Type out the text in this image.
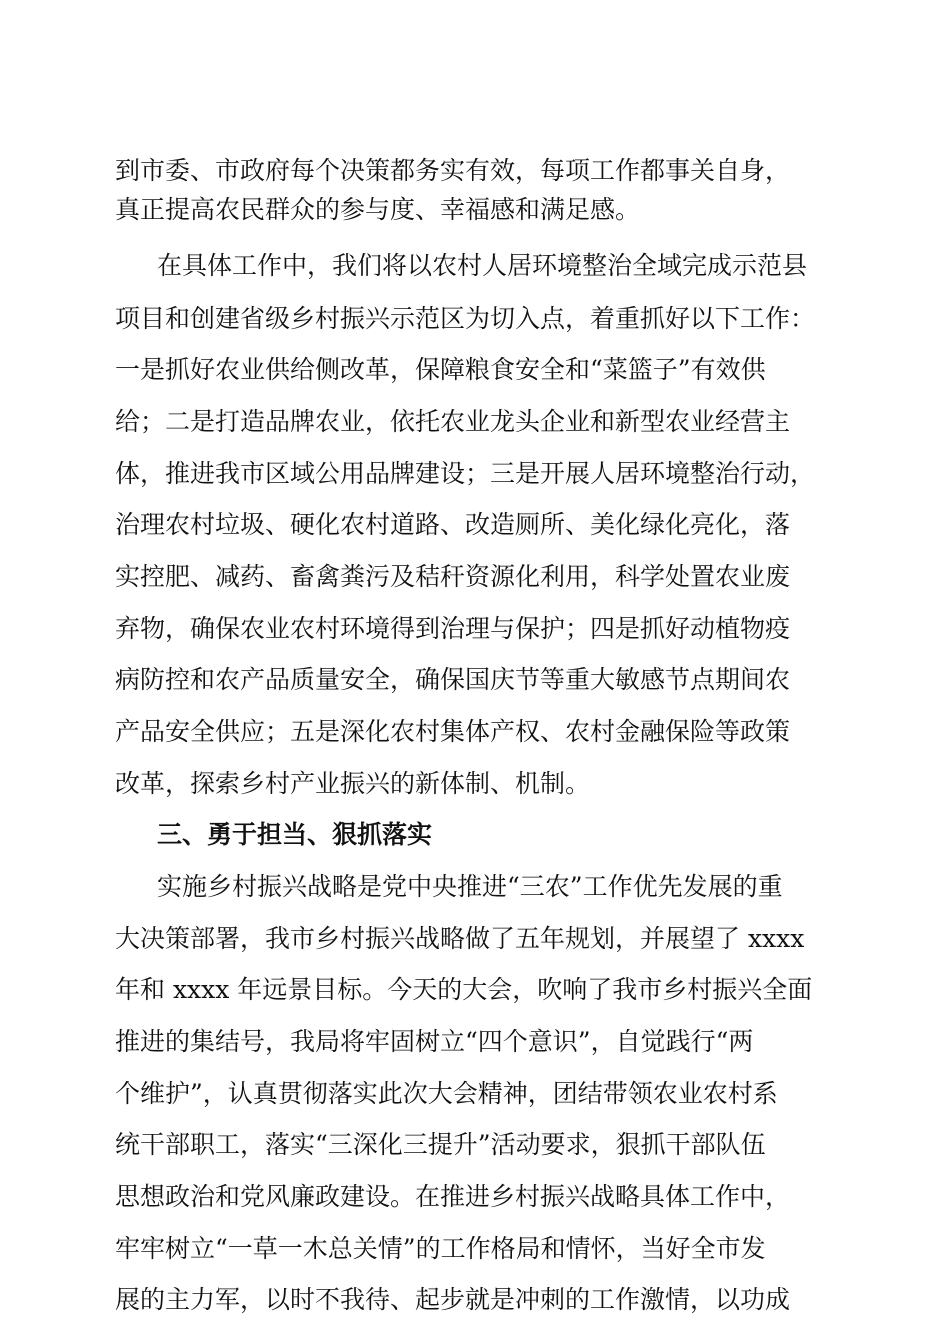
到市委、市政府每个决策都务实有效，每项工作都事关自身，
真正提高农民群众的参与度、幸福感和满足感。
在具体工作中，我们将以农村人居环境整治全域完成示范县
项目和创建省级乡村振兴示范区为切入点，着重抓好以下工作：
一是抓好农业供给侧改革，保障粮食安全和“菜篮子”有效供
给；二是打造品牌农业，依托农业龙头企业和新型农业经营主
体，推进我市区域公用品牌建设；三是开展人居环境整治行动，
治理农村垃圾、硬化农村道路、改造厕所、美化绿化亮化，落
实控肥、减药、畜禽粪污及秸秆资源化利用，科学处置农业废
弃物，确保农业农村环境得到治理与保护；四是抓好动植物疫
病防控和农产品质量安全，确保国庆节等重大敏感节点期间农
产品安全供应；五是深化农村集体产权、农村金融保险等政策
改革，探索乡村产业振兴的新体制、机制。
三、勇于担当、狠抓落实
实施乡村振兴战略是党中央推进“三农”工作优先发展的重
大决策部署，我市乡村振兴战略做了五年规划，并展望了 xxxx
年和 xxxx 年远景目标。今天的大会，吹响了我市乡村振兴全面
推进的集结号，我局将牢固树立“四个意识”，自觉践行“两
个维护”，认真贯彻落实此次大会精神，团结带领农业农村系
统干部职工，落实“三深化三提升”活动要求，狠抓干部队伍
思想政治和党风廉政建设。在推进乡村振兴战略具体工作中，
牢牢树立“一草一木总关情”的工作格局和情怀，当好全市发
展的主力军，以时不我待、起步就是冲刺的工作激情，以功成
